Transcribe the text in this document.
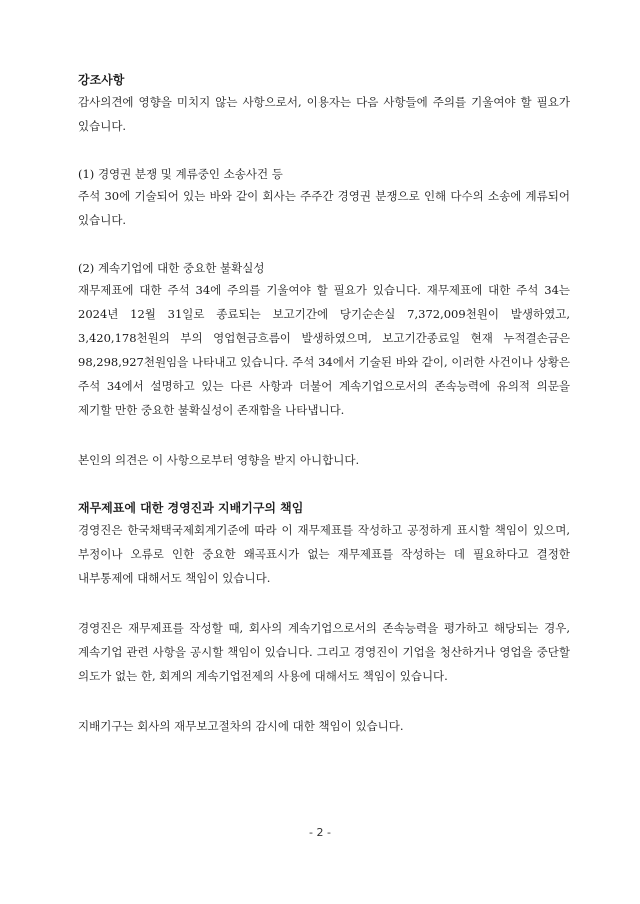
강조사항

감사의견에 영향을 미치지 않는 사항으로서, 이용자는 다음 사항들에 주의를 기울여야 할 필요가 있습니다.

(1) 경영권 분쟁 및 계류중인 소송사건 등

주석 30에 기술되어 있는 바와 같이 회사는 주주간 경영권 분쟁으로 인해 다수의 소송에 계류되어 있습니다.

(2) 계속기업에 대한 중요한 불확실성

재무제표에 대한 주석 34에 주의를 기울여야 할 필요가 있습니다. 재무제표에 대한 주석 34는 2024년 12월 31일로 종료되는 보고기간에 당기순손실 7,372,009천원이 발생하였고, 3,420,178천원의 부의 영업현금흐름이 발생하였으며, 보고기간종료일 현재 누적결손금은 98,298,927천원임을 나타내고 있습니다. 주석 34에서 기술된 바와 같이, 이러한 사건이나 상황은 주석 34에서 설명하고 있는 다른 사항과 더불어 계속기업으로서의 존속능력에 유의적 의문을 제기할 만한 중요한 불확실성이 존재함을 나타냅니다.

본인의 의견은 이 사항으로부터 영향을 받지 아니합니다.

재무제표에 대한 경영진과 지배기구의 책임

경영진은 한국채택국제회계기준에 따라 이 재무제표를 작성하고 공정하게 표시할 책임이 있으며, 부정이나 오류로 인한 중요한 왜곡표시가 없는 재무제표를 작성하는 데 필요하다고 결정한 내부통제에 대해서도 책임이 있습니다.

경영진은 재무제표를 작성할 때, 회사의 계속기업으로서의 존속능력을 평가하고 해당되는 경우, 계속기업 관련 사항을 공시할 책임이 있습니다. 그리고 경영진이 기업을 청산하거나 영업을 중단할 의도가 없는 한, 회계의 계속기업전제의 사용에 대해서도 책임이 있습니다.

지배기구는 회사의 재무보고절차의 감시에 대한 책임이 있습니다.

- 2 -
